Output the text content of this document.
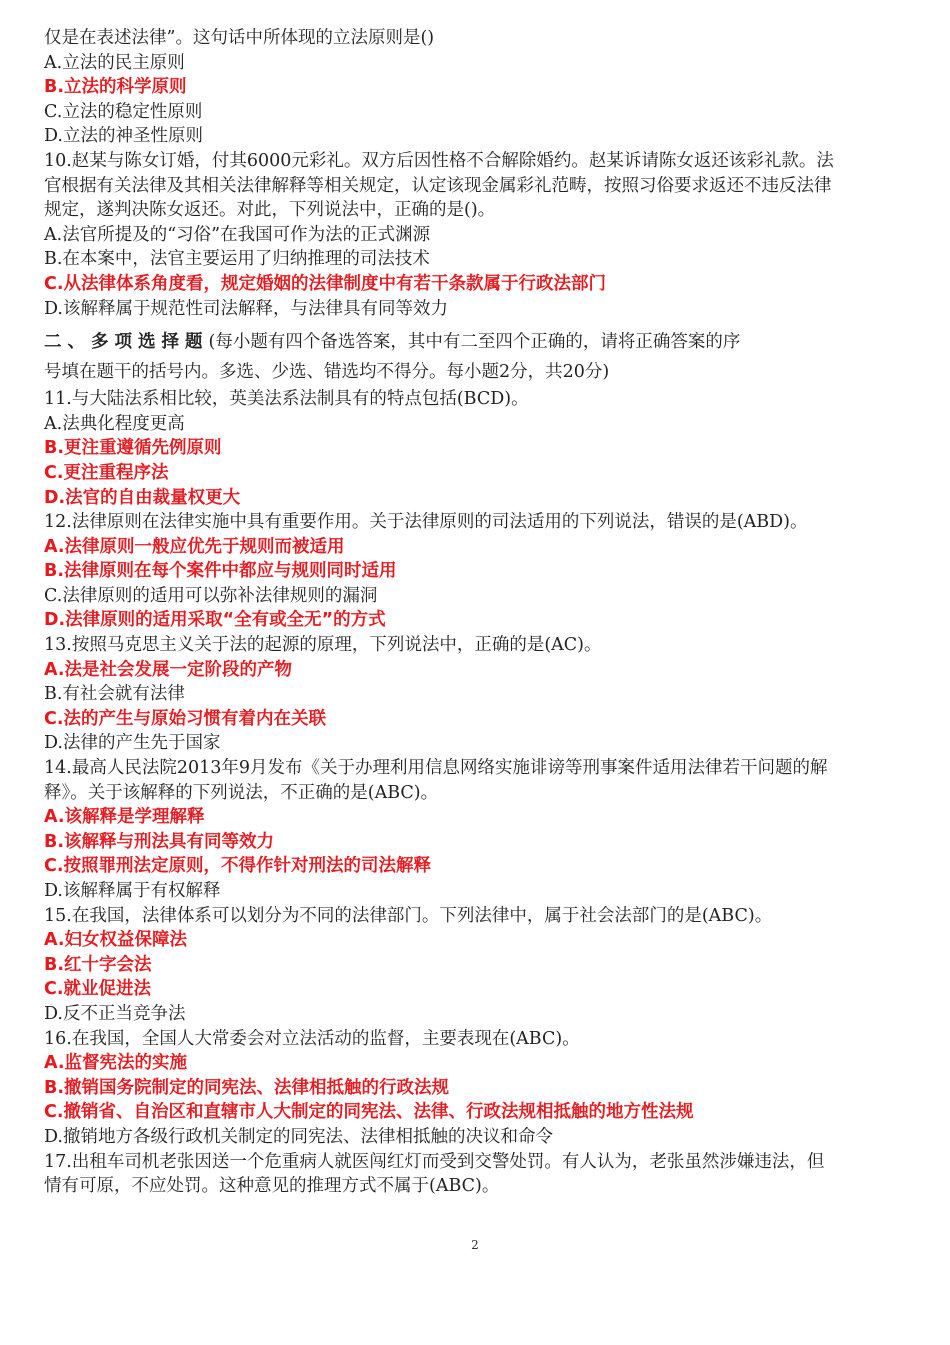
仅是在表述法律”。这句话中所体现的立法原则是()
A.立法的民主原则
B.立法的科学原则
C.立法的稳定性原则
D.立法的神圣性原则
10.赵某与陈女订婚，付其6000元彩礼。双方后因性格不合解除婚约。赵某诉请陈女返还该彩礼款。法
官根据有关法律及其相关法律解释等相关规定，认定该现金属彩礼范畴，按照习俗要求返还不违反法律
规定，遂判决陈女返还。对此，下列说法中，正确的是()。
A.法官所提及的“习俗”在我国可作为法的正式渊源
B.在本案中，法官主要运用了归纳推理的司法技术
C.从法律体系角度看，规定婚姻的法律制度中有若干条款属于行政法部门
D.该解释属于规范性司法解释，与法律具有同等效力
二、多项选择题(每小题有四个备选答案，其中有二至四个正确的，请将正确答案的序
号填在题干的括号内。多选、少选、错选均不得分。每小题2分，共20分)
11.与大陆法系相比较，英美法系法制具有的特点包括(BCD)。
A.法典化程度更高
B.更注重遵循先例原则
C.更注重程序法
D.法官的自由裁量权更大
12.法律原则在法律实施中具有重要作用。关于法律原则的司法适用的下列说法，错误的是(ABD)。
A.法律原则一般应优先于规则而被适用
B.法律原则在每个案件中都应与规则同时适用
C.法律原则的适用可以弥补法律规则的漏洞
D.法律原则的适用采取“全有或全无”的方式
13.按照马克思主义关于法的起源的原理，下列说法中，正确的是(AC)。
A.法是社会发展一定阶段的产物
B.有社会就有法律
C.法的产生与原始习惯有着内在关联
D.法律的产生先于国家
14.最高人民法院2013年9月发布《关于办理利用信息网络实施诽谤等刑事案件适用法律若干问题的解
释》。关于该解释的下列说法，不正确的是(ABC)。
A.该解释是学理解释
B.该解释与刑法具有同等效力
C.按照罪刑法定原则，不得作针对刑法的司法解释
D.该解释属于有权解释
15.在我国，法律体系可以划分为不同的法律部门。下列法律中，属于社会法部门的是(ABC)。
A.妇女权益保障法
B.红十字会法
C.就业促进法
D.反不正当竞争法
16.在我国，全国人大常委会对立法活动的监督，主要表现在(ABC)。
A.监督宪法的实施
B.撤销国务院制定的同宪法、法律相抵触的行政法规
C.撤销省、自治区和直辖市人大制定的同宪法、法律、行政法规相抵触的地方性法规
D.撤销地方各级行政机关制定的同宪法、法律相抵触的决议和命令
17.出租车司机老张因送一个危重病人就医闯红灯而受到交警处罚。有人认为，老张虽然涉嫌违法，但
情有可原，不应处罚。这种意见的推理方式不属于(ABC)。
2
